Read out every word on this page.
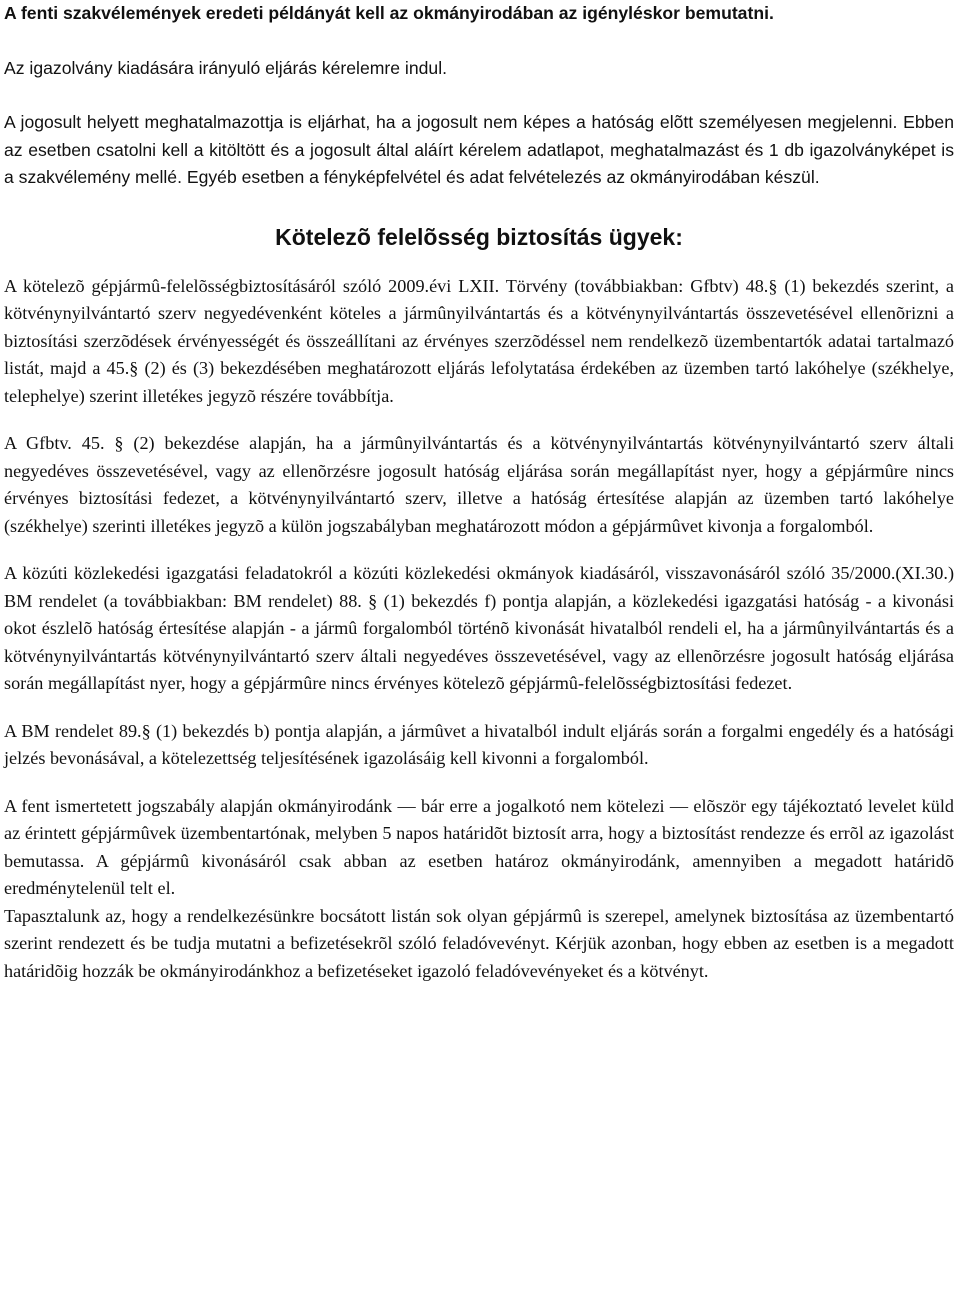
A fenti szakvélemények eredeti példányát kell az okmányirodában az igényléskor bemutatni.

Az igazolvány kiadására irányuló eljárás kérelemre indul.

A jogosult helyett meghatalmazottja is eljárhat, ha a jogosult nem képes a hatóság elõtt személyesen megjelenni. Ebben az esetben csatolni kell a kitöltött és a jogosult által aláírt kérelem adatlapot, meghatalmazást és 1 db igazolványképet is a szakvélemény mellé. Egyéb esetben a fényképfelvétel és adat felvételezés az okmányirodában készül.

Kötelezõ felelõsség biztosítás ügyek:

A kötelezõ gépjármû-felelõsségbiztosításáról szóló 2009.évi LXII. Törvény (továbbiakban: Gfbtv) 48.§ (1) bekezdés szerint, a kötvénynyilvántartó szerv negyedévenként köteles a jármûnyilvántartás és a kötvénynyilvántartás összevetésével ellenõrizni a biztosítási szerzõdések érvényességét és összeállítani az érvényes szerzõdéssel nem rendelkezõ üzembentartók adatai tartalmazó listát, majd a 45.§ (2) és (3) bekezdésében meghatározott eljárás lefolytatása érdekében az üzemben tartó lakóhelye (székhelye, telephelye) szerint illetékes jegyzõ részére továbbítja.

A Gfbtv. 45. § (2) bekezdése alapján, ha a jármûnyilvántartás és a kötvénynyilvántartás kötvénynyilvántartó szerv általi negyedéves összevetésével, vagy az ellenõrzésre jogosult hatóság eljárása során megállapítást nyer, hogy a gépjármûre nincs érvényes biztosítási fedezet, a kötvénynyilvántartó szerv, illetve a hatóság értesítése alapján az üzemben tartó lakóhelye (székhelye) szerinti illetékes jegyzõ a külön jogszabályban meghatározott módon a gépjármûvet kivonja a forgalomból.

A közúti közlekedési igazgatási feladatokról a közúti közlekedési okmányok kiadásáról, visszavonásáról szóló 35/2000.(XI.30.) BM rendelet (a továbbiakban: BM rendelet) 88. § (1) bekezdés f) pontja alapján, a közlekedési igazgatási hatóság - a kivonási okot észlelõ hatóság értesítése alapján - a jármû forgalomból történõ kivonását hivatalból rendeli el, ha a jármûnyilvántartás és a kötvénynyilvántartás kötvénynyilvántartó szerv általi negyedéves összevetésével, vagy az ellenõrzésre jogosult hatóság eljárása során megállapítást nyer, hogy a gépjármûre nincs érvényes kötelezõ gépjármû-felelõsségbiztosítási fedezet.

A BM rendelet 89.§ (1) bekezdés b) pontja alapján, a jármûvet a hivatalból indult eljárás során a forgalmi engedély és a hatósági jelzés bevonásával, a kötelezettség teljesítésének igazolásáig kell kivonni a forgalomból.

A fent ismertetett jogszabály alapján okmányirodánk — bár erre a jogalkotó nem kötelezi — elõször egy tájékoztató levelet küld az érintett gépjármûvek üzembentartónak, melyben 5 napos határidõt biztosít arra, hogy a biztosítást rendezze és errõl az igazolást bemutassa. A gépjármû kivonásáról csak abban az esetben határoz okmányirodánk, amennyiben a megadott határidõ eredménytelenül telt el.

Tapasztalunk az, hogy a rendelkezésünkre bocsátott listán sok olyan gépjármû is szerepel, amelynek biztosítása az üzembentartó szerint rendezett és be tudja mutatni a befizetésekrõl szóló feladóvevényt. Kérjük azonban, hogy ebben az esetben is a megadott határidõig hozzák be okmányirodánkhoz a befizetéseket igazoló feladóvevényeket és a kötvényt.
